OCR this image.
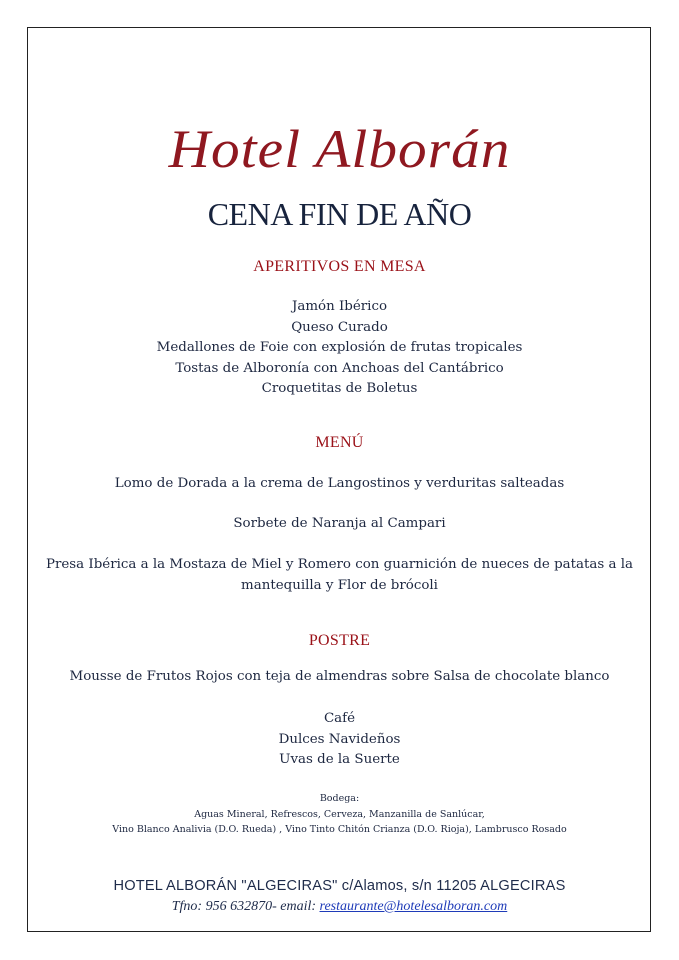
Hotel Alborán
CENA FIN DE AÑO
APERITIVOS EN MESA
Jamón Ibérico
Queso Curado
Medallones de Foie con explosión de frutas tropicales
Tostas de Alboronía con Anchoas del Cantábrico
Croquetitas de Boletus
MENÚ
Lomo de Dorada a la crema de Langostinos y verduritas salteadas
Sorbete de Naranja al Campari
Presa Ibérica a la Mostaza de Miel y Romero con guarnición de nueces de patatas a la
mantequilla y Flor de brócoli
POSTRE
Mousse de Frutos Rojos con teja de almendras sobre Salsa de chocolate blanco
Café
Dulces Navideños
Uvas de la Suerte
Bodega:
Aguas Mineral, Refrescos, Cerveza, Manzanilla de Sanlúcar,
Vino Blanco Analivia (D.O. Rueda) , Vino Tinto Chitón Crianza (D.O. Rioja), Lambrusco Rosado
HOTEL ALBORÁN "ALGECIRAS" c/Alamos, s/n 11205 ALGECIRAS
Tfno: 956 632870- email: restaurante@hotelesalboran.com
